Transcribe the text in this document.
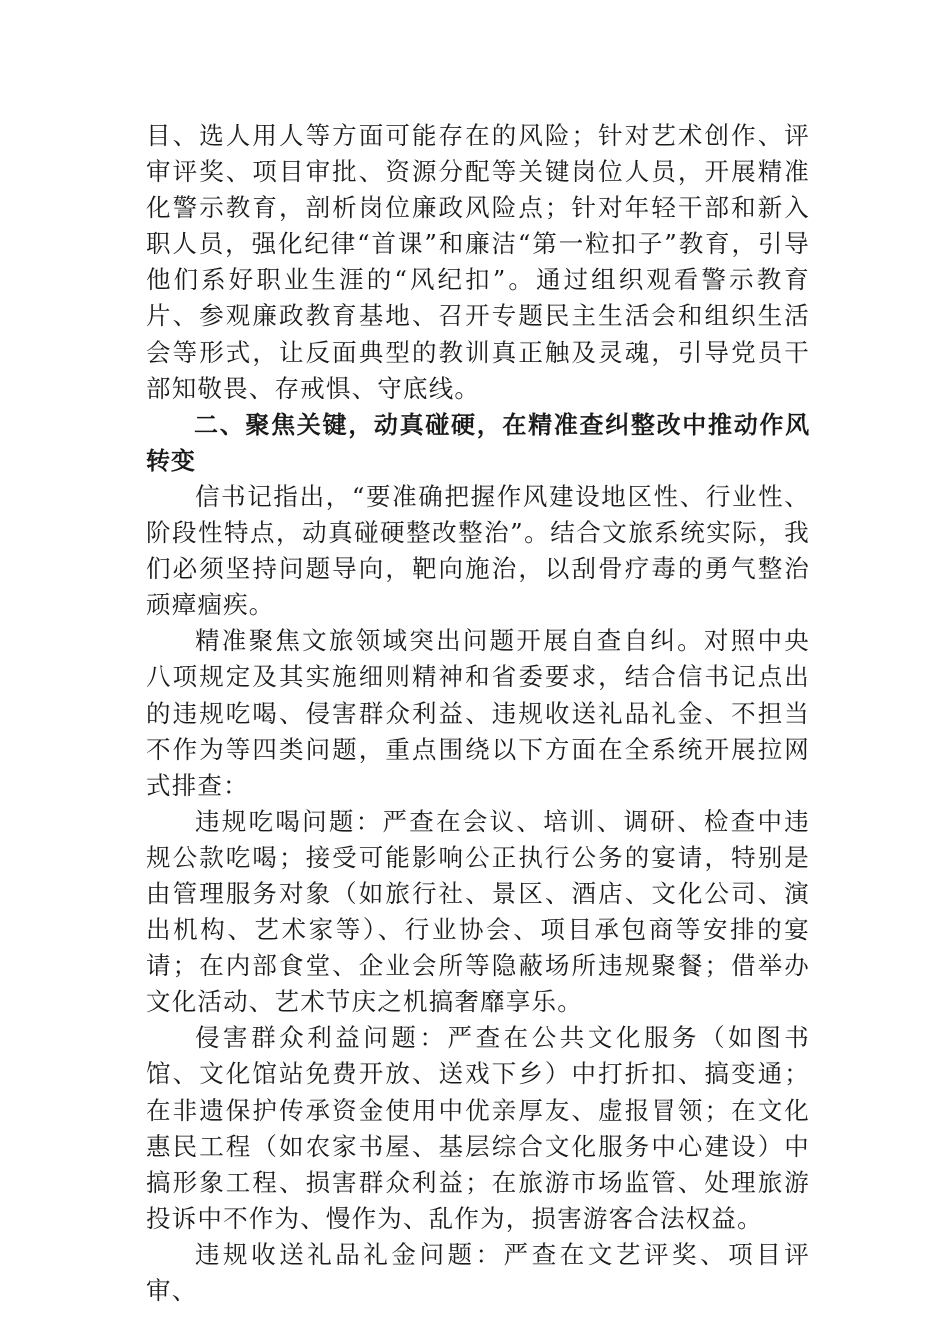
目、选人用人等方面可能存在的风险；针对艺术创作、评审评奖、项目审批、资源分配等关键岗位人员，开展精准化警示教育，剖析岗位廉政风险点；针对年轻干部和新入职人员，强化纪律“首课”和廉洁“第一粒扣子”教育，引导他们系好职业生涯的“风纪扣”。通过组织观看警示教育片、参观廉政教育基地、召开专题民主生活会和组织生活会等形式，让反面典型的教训真正触及灵魂，引导党员干部知敬畏、存戒惧、守底线。

二、聚焦关键，动真碰硬，在精准查纠整改中推动作风转变

信书记指出，“要准确把握作风建设地区性、行业性、阶段性特点，动真碰硬整改整治”。结合文旅系统实际，我们必须坚持问题导向，靶向施治，以刮骨疗毒的勇气整治顽瘴痼疾。

精准聚焦文旅领域突出问题开展自查自纠。对照中央八项规定及其实施细则精神和省委要求，结合信书记点出的违规吃喝、侵害群众利益、违规收送礼品礼金、不担当不作为等四类问题，重点围绕以下方面在全系统开展拉网式排查：

违规吃喝问题：严查在会议、培训、调研、检查中违规公款吃喝；接受可能影响公正执行公务的宴请，特别是由管理服务对象（如旅行社、景区、酒店、文化公司、演出机构、艺术家等）、行业协会、项目承包商等安排的宴请；在内部食堂、企业会所等隐蔽场所违规聚餐；借举办文化活动、艺术节庆之机搞奢靡享乐。

侵害群众利益问题：严查在公共文化服务（如图书馆、文化馆站免费开放、送戏下乡）中打折扣、搞变通；在非遗保护传承资金使用中优亲厚友、虚报冒领；在文化惠民工程（如农家书屋、基层综合文化服务中心建设）中搞形象工程、损害群众利益；在旅游市场监管、处理旅游投诉中不作为、慢作为、乱作为，损害游客合法权益。

违规收送礼品礼金问题：严查在文艺评奖、项目评审、
